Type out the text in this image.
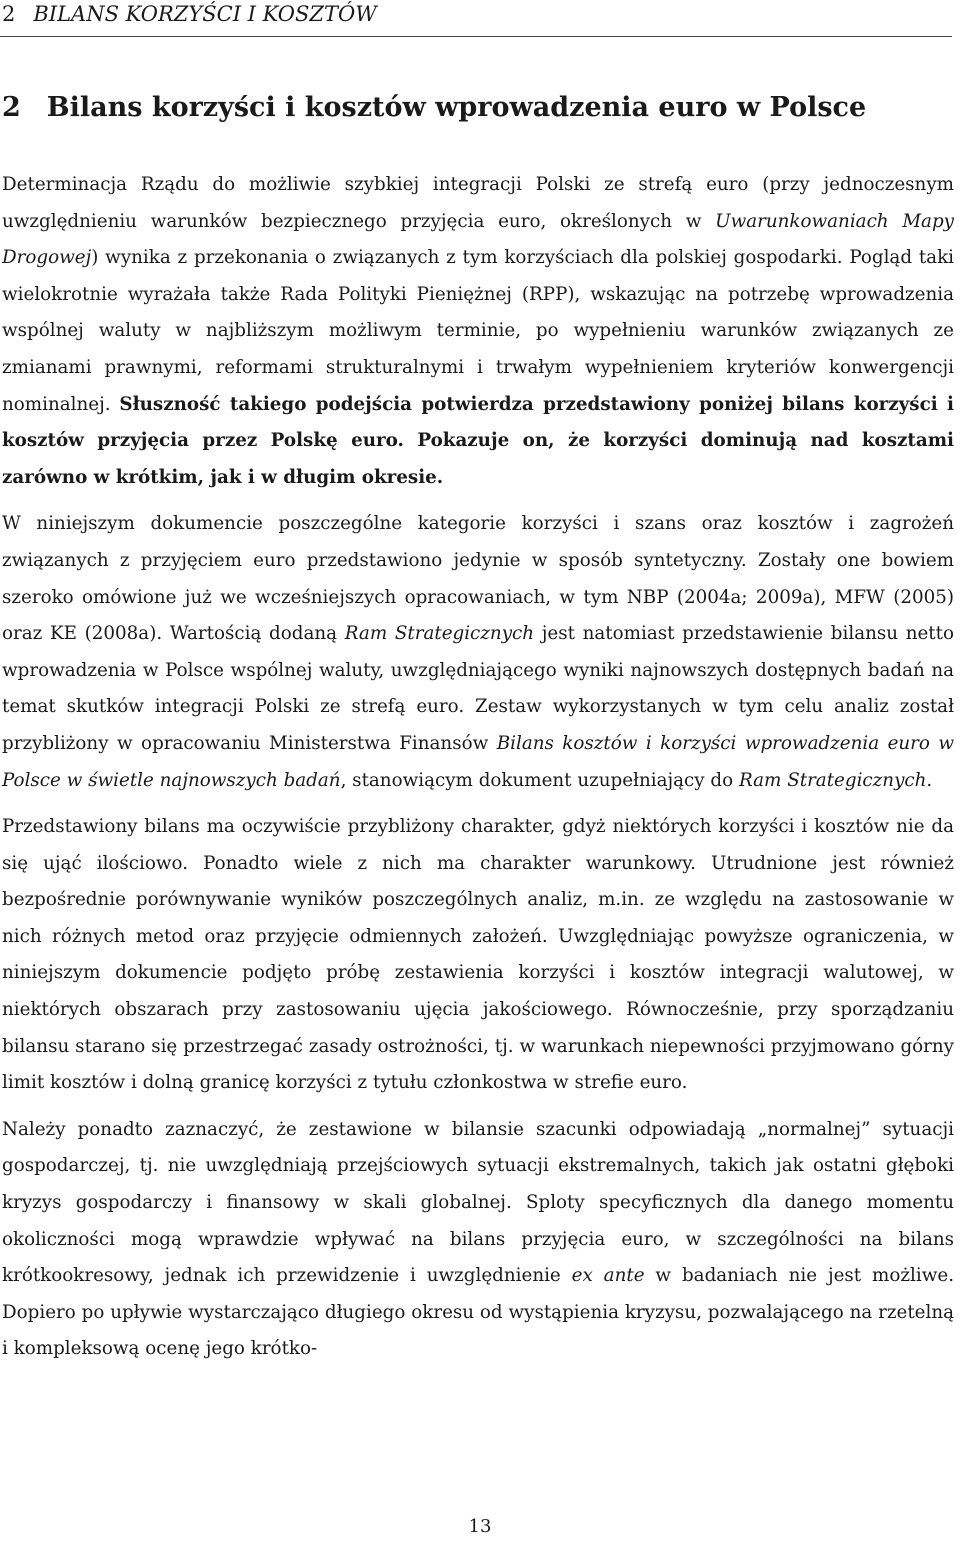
2 BILANS KORZYŚCI I KOSZTÓW
2 Bilans korzyści i kosztów wprowadzenia euro w Polsce

Determinacja Rządu do możliwie szybkiej integracji Polski ze strefą euro (przy jednoczesnym uwzględnieniu warunków bezpiecznego przyjęcia euro, określonych w Uwarunkowaniach Mapy Drogowej) wynika z przekonania o związanych z tym korzyściach dla polskiej gospodarki. Pogląd taki wielokrotnie wyrażała także Rada Polityki Pieniężnej (RPP), wskazując na potrzebę wprowadzenia wspólnej waluty w najbliższym możliwym terminie, po wypełnieniu warunków związanych ze zmianami prawnymi, reformami strukturalnymi i trwałym wypełnieniem kryteriów konwergencji nominalnej. Słuszność takiego podejścia potwierdza przedstawiony poniżej bilans korzyści i kosztów przyjęcia przez Polskę euro. Pokazuje on, że korzyści dominują nad kosztami zarówno w krótkim, jak i w długim okresie.

W niniejszym dokumencie poszczególne kategorie korzyści i szans oraz kosztów i zagrożeń związanych z przyjęciem euro przedstawiono jedynie w sposób syntetyczny. Zostały one bowiem szeroko omówione już we wcześniejszych opracowaniach, w tym NBP (2004a; 2009a), MFW (2005) oraz KE (2008a). Wartością dodaną Ram Strategicznych jest natomiast przedstawienie bilansu netto wprowadzenia w Polsce wspólnej waluty, uwzględniającego wyniki najnowszych dostępnych badań na temat skutków integracji Polski ze strefą euro. Zestaw wykorzystanych w tym celu analiz został przybliżony w opracowaniu Ministerstwa Finansów Bilans kosztów i korzyści wprowadzenia euro w Polsce w świetle najnowszych badań, stanowiącym dokument uzupełniający do Ram Strategicznych.

Przedstawiony bilans ma oczywiście przybliżony charakter, gdyż niektórych korzyści i kosztów nie da się ująć ilościowo. Ponadto wiele z nich ma charakter warunkowy. Utrudnione jest również bezpośrednie porównywanie wyników poszczególnych analiz, m.in. ze względu na zastosowanie w nich różnych metod oraz przyjęcie odmiennych założeń. Uwzględniając powyższe ograniczenia, w niniejszym dokumencie podjęto próbę zestawienia korzyści i kosztów integracji walutowej, w niektórych obszarach przy zastosowaniu ujęcia jakościowego. Równocześnie, przy sporządzaniu bilansu starano się przestrzegać zasady ostrożności, tj. w warunkach niepewności przyjmowano górny limit kosztów i dolną granicę korzyści z tytułu członkostwa w strefie euro.

Należy ponadto zaznaczyć, że zestawione w bilansie szacunki odpowiadają „normalnej” sytuacji gospodarczej, tj. nie uwzględniają przejściowych sytuacji ekstremalnych, takich jak ostatni głęboki kryzys gospodarczy i finansowy w skali globalnej. Sploty specyficznych dla danego momentu okoliczności mogą wprawdzie wpływać na bilans przyjęcia euro, w szczególności na bilans krótkookresowy, jednak ich przewidzenie i uwzględnienie ex ante w badaniach nie jest możliwe. Dopiero po upływie wystarczająco długiego okresu od wystąpienia kryzysu, pozwalającego na rzetelną i kompleksową ocenę jego krótko-

13
